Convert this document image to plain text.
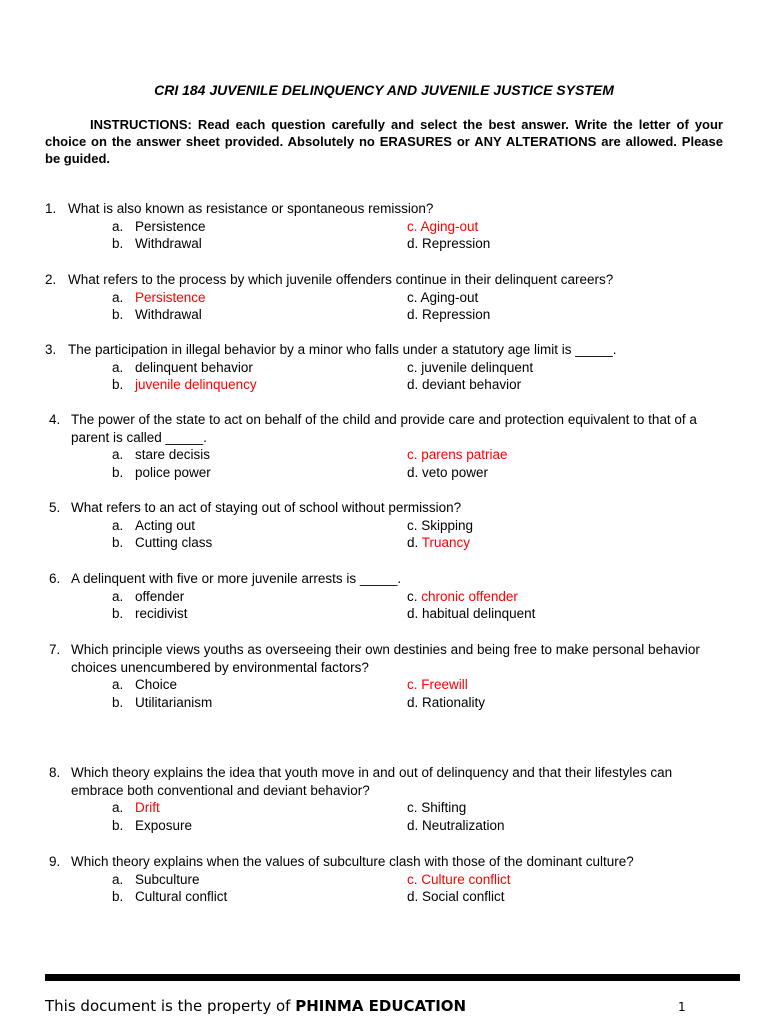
CRI 184 JUVENILE DELINQUENCY AND JUVENILE JUSTICE SYSTEM

INSTRUCTIONS: Read each question carefully and select the best answer. Write the letter of your choice on the answer sheet provided. Absolutely no ERASURES or ANY ALTERATIONS are allowed. Please be guided.

1. What is also known as resistance or spontaneous remission?
a. Persistence
b. Withdrawal
c. Aging-out
d. Repression
2. What refers to the process by which juvenile offenders continue in their delinquent careers?
a. Persistence
b. Withdrawal
c. Aging-out
d. Repression
3. The participation in illegal behavior by a minor who falls under a statutory age limit is _____.
a. delinquent behavior
b. juvenile delinquency
c. juvenile delinquent
d. deviant behavior
4. The power of the state to act on behalf of the child and provide care and protection equivalent to that of a parent is called _____.
a. stare decisis
b. police power
c. parens patriae
d. veto power
5. What refers to an act of staying out of school without permission?
a. Acting out
b. Cutting class
c. Skipping
d. Truancy
6. A delinquent with five or more juvenile arrests is _____.
a. offender
b. recidivist
c. chronic offender
d. habitual delinquent
7. Which principle views youths as overseeing their own destinies and being free to make personal behavior choices unencumbered by environmental factors?
a. Choice
b. Utilitarianism
c. Freewill
d. Rationality
8. Which theory explains the idea that youth move in and out of delinquency and that their lifestyles can embrace both conventional and deviant behavior?
a. Drift
b. Exposure
c. Shifting
d. Neutralization
9. Which theory explains when the values of subculture clash with those of the dominant culture?
a. Subculture
b. Cultural conflict
c. Culture conflict
d. Social conflict
This document is the property of PHINMA EDUCATION	1
